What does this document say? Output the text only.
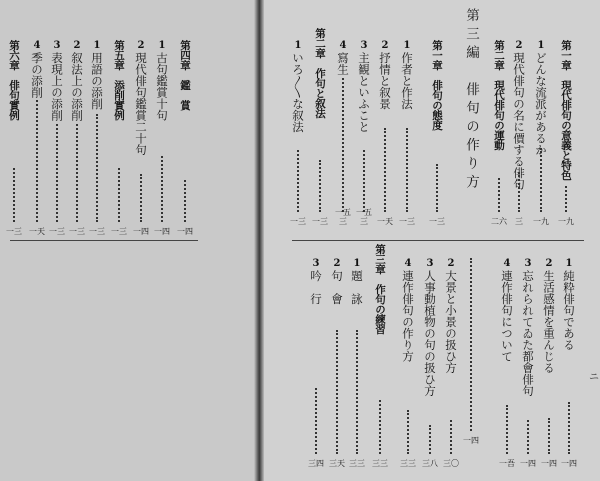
第一章　現代俳句の意義と特色
一九
1
どんな流派があるか
一九
2
現代俳句の名に價する俳句
三
第二章　現代俳句の運動
二六
第三編　俳句の作り方
一四
第一章　俳句の態度
一三
1
作者と作法
一三
2
抒情と叙景
一天
3
主観といふこと
一五三
4
寫生
一五三
第二章　作句と叙法
一三
1
いろ〳〵な叙法
一三
1
純粋俳句である
一四
2
生活感情を重んじる
一四
3
忘れられてゐた都會俳句
一四
4
連作俳句について
一吾
2
大景と小景の扱ひ方
三〇
3
人事動植物の句の扱ひ方
三八
4
連作俳句の作り方
三三
第三章　作句の練習
三三
1
題　詠
三三
2
句　會
三天
3
吟　行
三四
第四章　鑑　賞
一四
1
古句鑑賞十句
一四
2
現代俳句鑑賞二十句
一四
第五章　添削實例
一三
1
用語の添削
一三
2
叙法上の添削
一三
3
表現上の添削
一三
4
季の添削
一天
第六章　俳句實例
一三
ニ
